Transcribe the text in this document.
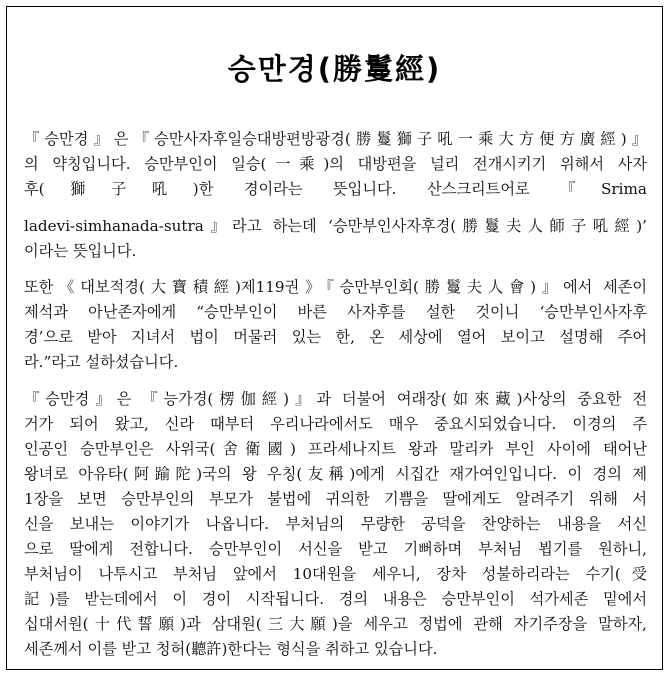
승만경(勝鬘經)
『승만경』은『승만사자후일승대방편방광경(勝鬘獅子吼一乘大方便方廣經)』
의 약칭입니다. 승만부인이 일승(一乘)의 대방편을 널리 전개시키기 위해서 사자
후(獅子吼)한 경이라는 뜻입니다. 산스크리트어로 『Srima
ladevi-simhanada-sutra』라고 하는데 ‘승만부인사자후경(勝鬘夫人師子吼經)’
이라는 뜻입니다.
또한《대보적경(大寶積經)제119권》『승만부인회(勝鬘夫人會)』에서 세존이
제석과 아난존자에게 “승만부인이 바른 사자후를 설한 것이니 ‘승만부인사자후
경’으로 받아 지녀서 법이 머물러 있는 한, 온 세상에 열어 보이고 설명해 주어
라.”라고 설하셨습니다.
『승만경』은 『능가경(楞伽經)』과 더불어 여래장(如來藏)사상의 중요한 전
거가 되어 왔고, 신라 때부터 우리나라에서도 매우 중요시되었습니다. 이경의 주
인공인 승만부인은 사위국(舍衛國) 프라세나지트 왕과 말리카 부인 사이에 태어난
왕녀로 아유타(阿踰陀)국의 왕 우칭(友稱)에게 시집간 재가여인입니다. 이 경의 제
1장을 보면 승만부인의 부모가 불법에 귀의한 기쁨을 딸에게도 알려주기 위해 서
신을 보내는 이야기가 나옵니다. 부처님의 무량한 공덕을 찬양하는 내용을 서신
으로 딸에게 전합니다. 승만부인이 서신을 받고 기뻐하며 부처님 뵙기를 원하니,
부처님이 나투시고 부처님 앞에서 10대원을 세우니, 장차 성불하리라는 수기(受
記)를 받는데에서 이 경이 시작됩니다. 경의 내용은 승만부인이 석가세존 밑에서
십대서원(十代誓願)과 삼대원(三大願)을 세우고 정법에 관해 자기주장을 말하자,
세존께서 이를 받고 청허(聽許)한다는 형식을 취하고 있습니다.
